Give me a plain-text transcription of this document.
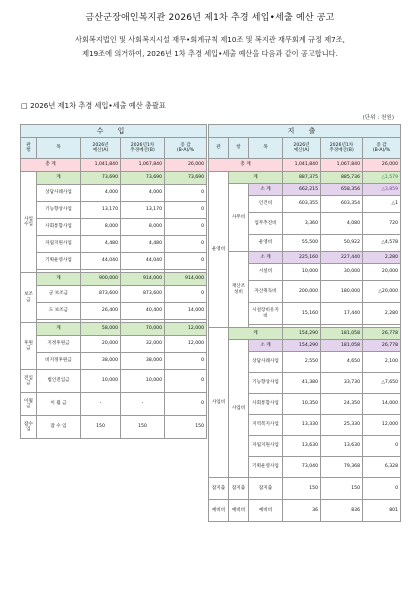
금산군장애인복지관 2026년 제1차 추경 세입•세출 예산 공고
사회복지법인 및 사회복지시설 재무•회계규칙 제10조 및 복지관 재무회계 규정 제7조,
제19조에 의거하여, 2026년 1차 추경 세입•세출 예산을 다음과 같이 공고합니다.
□ 2026년 제1차 추경 세입•세출 예산 총괄표
(단위 : 천원)
수 입				
관
항	목	2026년
예산(A)	2026년1차
추경예산(B)	증 감
(B-A)/%
총 계		1,041,840	1,067,840	26,000
사업수입	계	73,690	73,690	73,690
	상담사례사업	4,000	4,000	0
	기능향상사업	13,170	13,170	0
	사회통합사업	8,000	8,000	0
	자립지원사업	4,480	4,480	0
	기획운영사업	44,040	44,040	0

보조금	계	900,000	914,000	914,000
	군 보조금	873,600	873,600	0
	도 보조금	26,400	40,400	14,000

후원금	계	58,000	70,000	12,000
	지정후원금	20,000	32,000	12,000
	비지정후원금	38,000	38,000	0
전입금	법인전입금	10,000	10,000	0
이월금	이 월 금	-	-	0
잡수입	잡 수 입	150	150	150
지 출					
관	항	목	2026년
예산(A)	2026년1차
추경예산(B)	증 감
(B-A)/%
총 계			1,041,840	1,067,840	26,000
운영비	계		887,375	885,736	△1,579
	사무비	소 계	662,215	658,356	△3,859
		인건비	603,355	603,354	△1
		업무추진비	3,360	4,080	720
		운영비	55,500	50,922	△4,578
	재산조성비	소 계	225,160	227,440	2,280
		시설비	10,000	30,000	20,000
		자산취득비	200,000	180,000	△20,000
		시설장비유지비	15,160	17,440	2,280

사업비	계		154,290	181,058	26,778
	사업비	소 계	154,290	181,058	26,778
		상담사례사업	2,550	4,650	2,100
		기능향상사업	41,380	33,730	△7,650
		사회통합사업	10,350	24,350	14,000
		지역복지사업	13,330	25,330	12,000
		자립지원사업	13,630	13,630	0
		기획운영사업	73,040	79,368	6,328
잡지출	잡지출	잡지출	150	150	0
예비비	예비비	예비비	36	836	801
